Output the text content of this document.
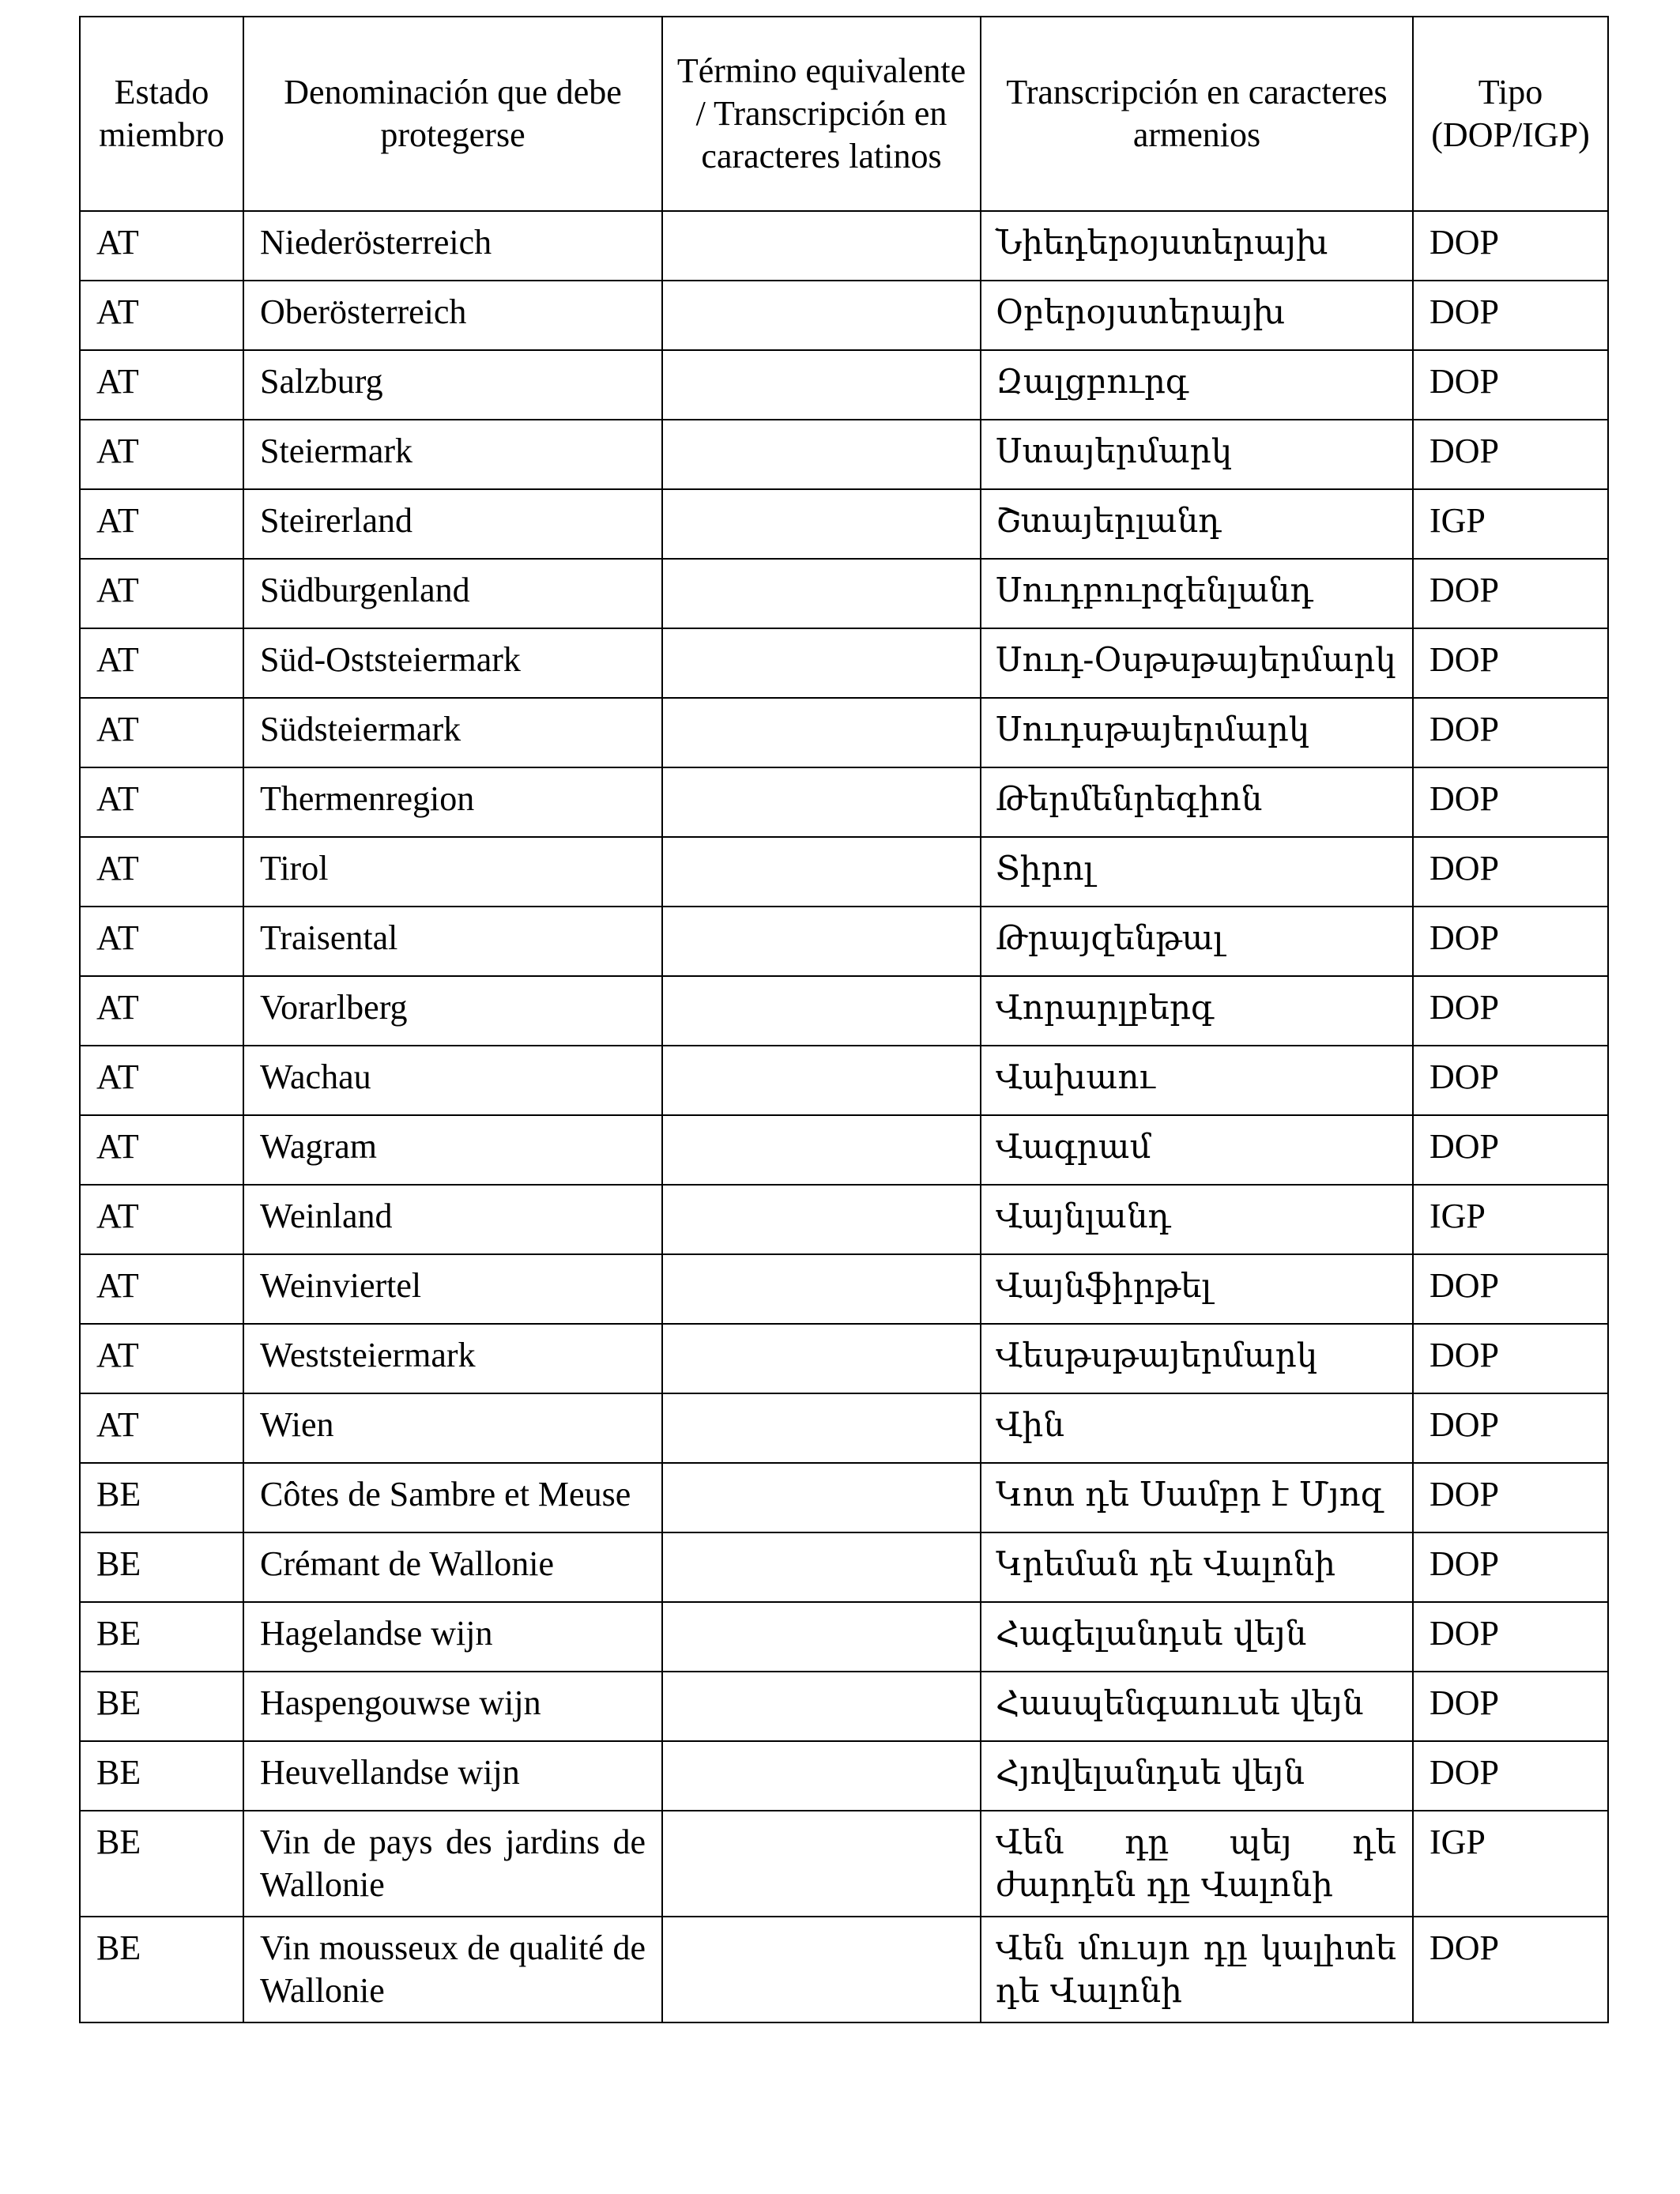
Estado miembro	Denominación que debe protegerse	Término equivalente / Transcripción en caracteres latinos	Transcripción en caracteres armenios	Tipo (DOP/IGP)
AT	Niederösterreich		Նիեդերօյստերայխ	DOP
AT	Oberösterreich		Օբերօյստերայխ	DOP
AT	Salzburg		Զալցբուրգ	DOP
AT	Steiermark		Ստայերմարկ	DOP
AT	Steirerland		Շտայերլանդ	IGP
AT	Südburgenland		Սուդբուրգենլանդ	DOP
AT	Süd-Oststeiermark		Սուդ-Օսթսթայերմարկ	DOP
AT	Südsteiermark		Սուդսթայերմարկ	DOP
AT	Thermenregion		Թերմենրեգիոն	DOP
AT	Tirol		Տիրոլ	DOP
AT	Traisental		Թրայզենթալ	DOP
AT	Vorarlberg		Վորարլբերգ	DOP
AT	Wachau		Վախաու	DOP
AT	Wagram		Վագրամ	DOP
AT	Weinland		Վայնլանդ	IGP
AT	Weinviertel		Վայնֆիրթել	DOP
AT	Weststeiermark		Վեսթսթայերմարկ	DOP
AT	Wien		Վին	DOP
BE	Côtes de Sambre et Meuse		Կոտ դե Սամբր է Մյոզ	DOP
BE	Crémant de Wallonie		Կրեման դե Վալոնի	DOP
BE	Hagelandse wijn		Հագելանդսե վեյն	DOP
BE	Haspengouwse wijn		Հասպենգաուսե վեյն	DOP
BE	Heuvellandse wijn		Հյովելանդսե վեյն	DOP
BE	Vin de pays des jardins de Wallonie		Վեն դը պեյ դե ժարդեն դը Վալոնի	IGP
BE	Vin mousseux de qualité de Wallonie		Վեն մուսյո դը կալիտե դե Վալոնի	DOP
